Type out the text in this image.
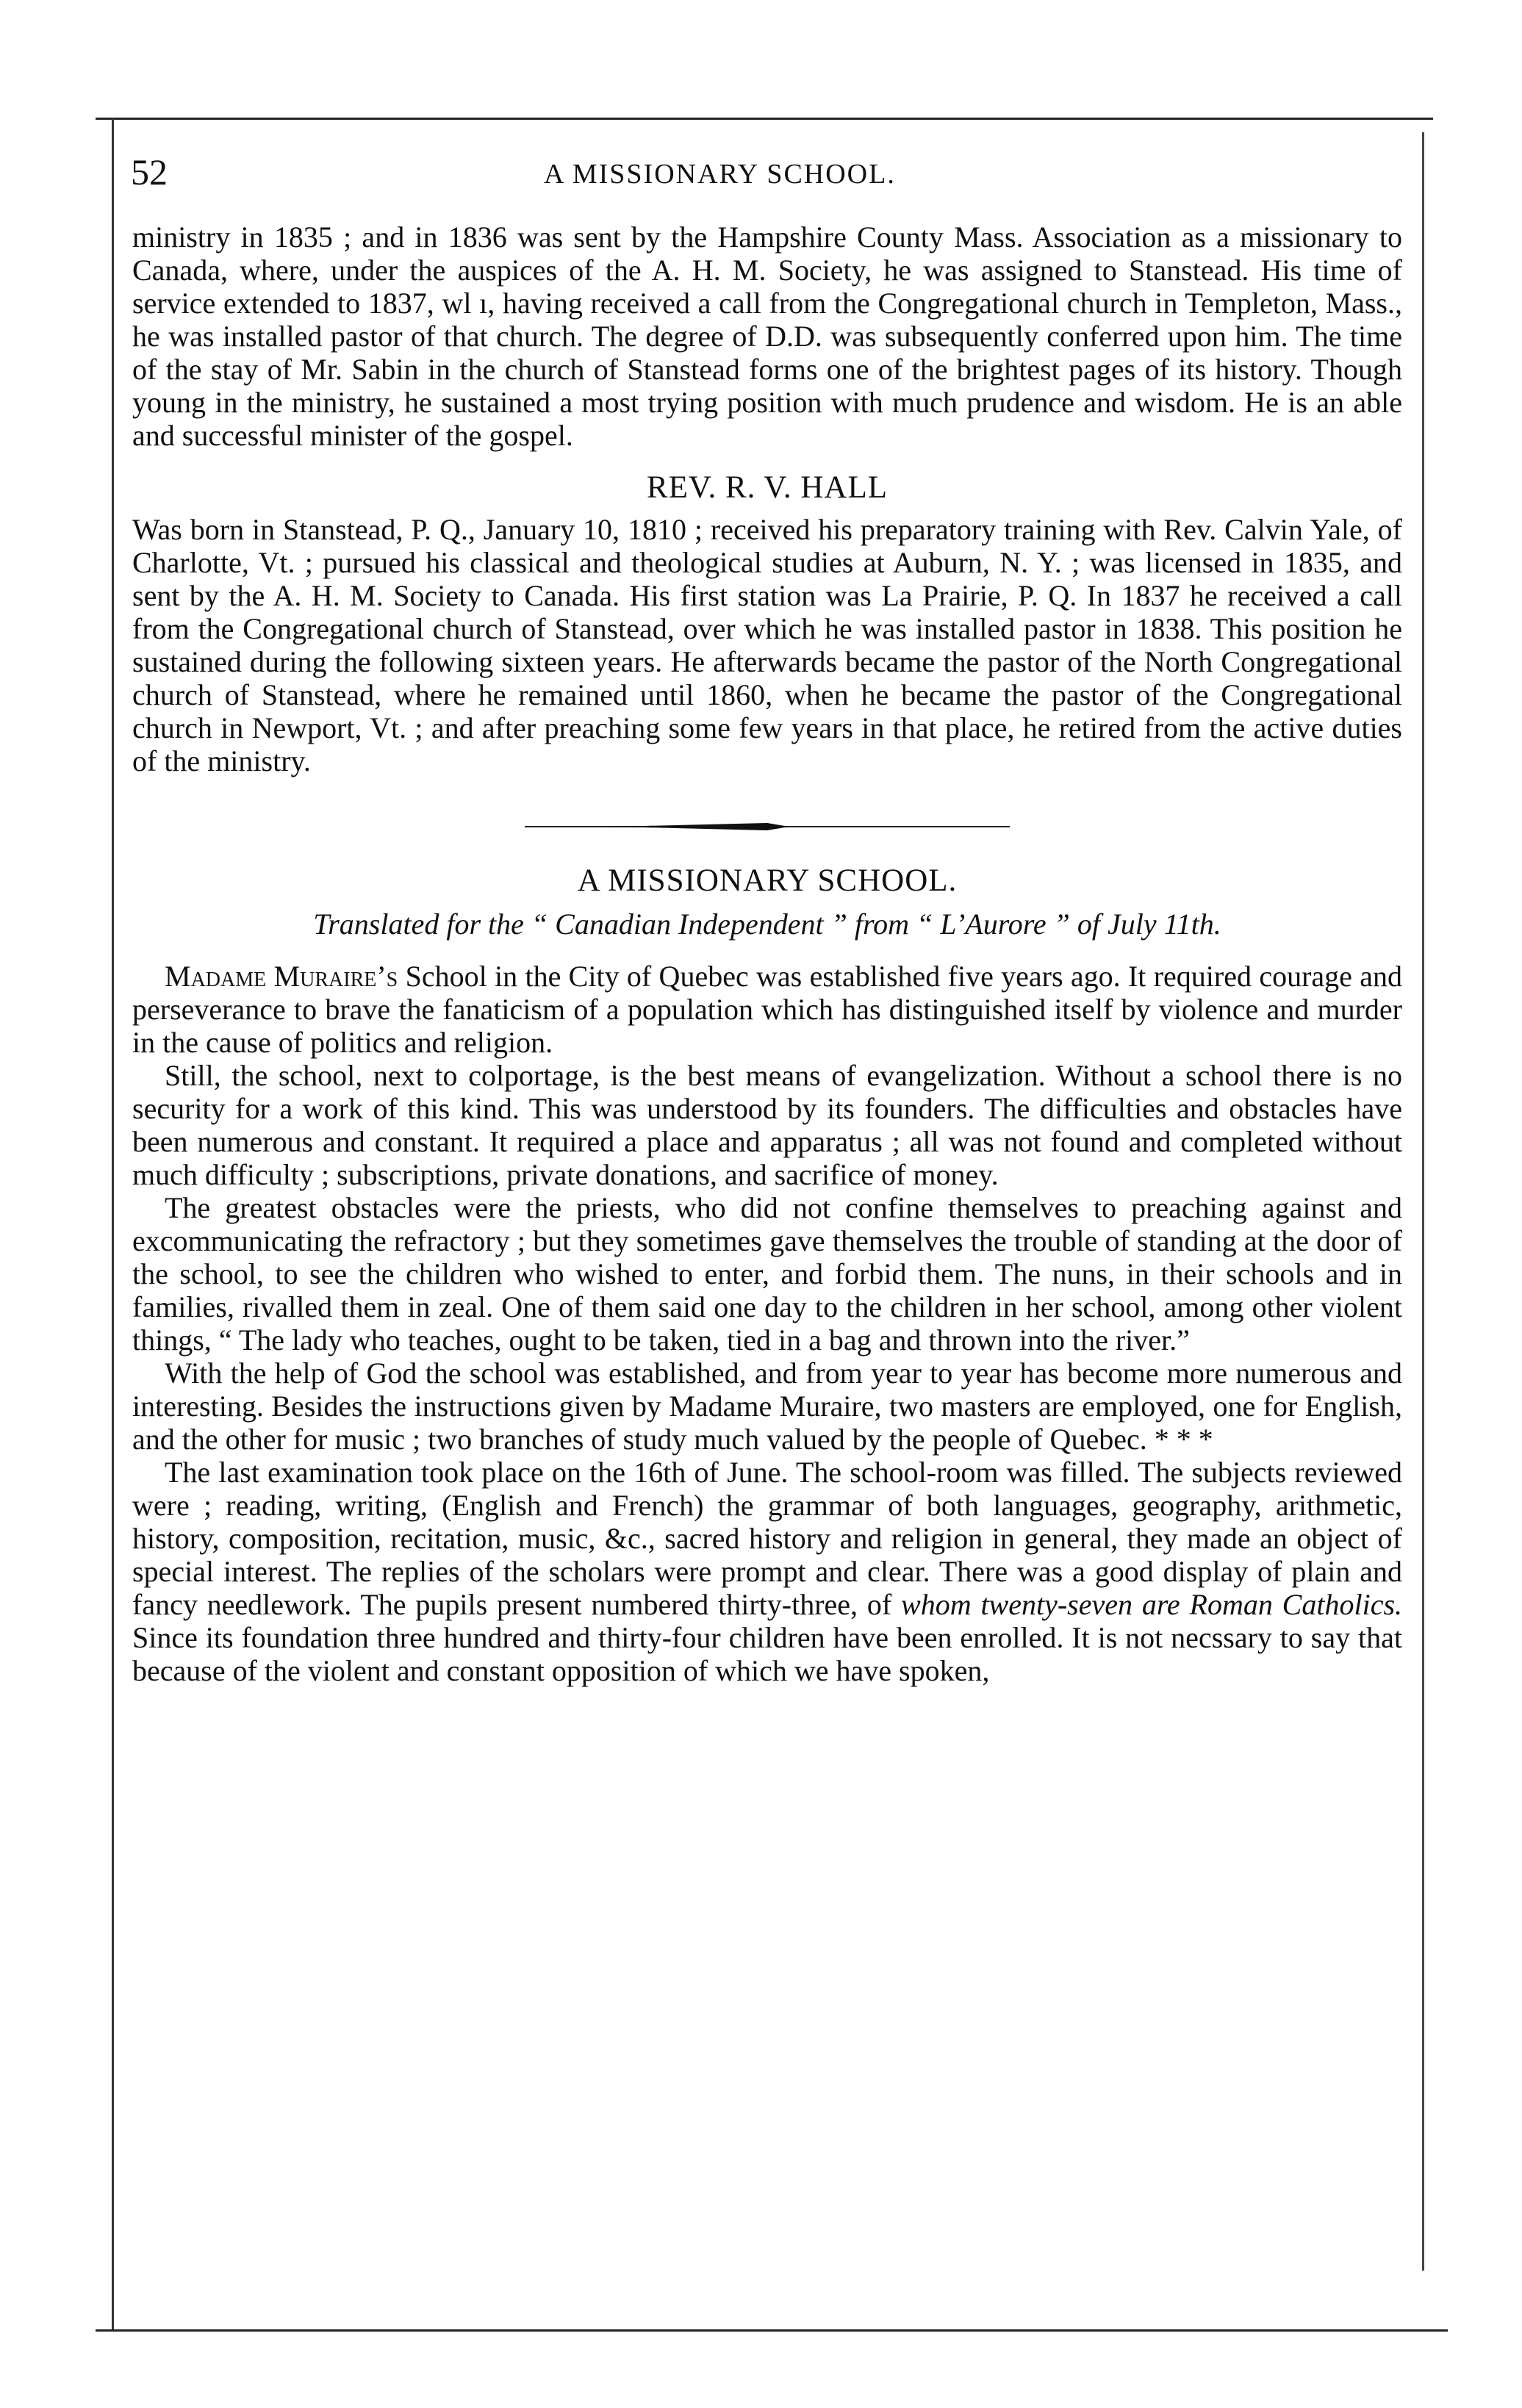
52	A MISSIONARY SCHOOL.

ministry in 1835 ; and in 1836 was sent by the Hampshire County Mass. Association as a missionary to Canada, where, under the auspices of the A. H. M. Society, he was assigned to Stanstead. His time of service extended to 1837, wl ı, having received a call from the Congregational church in Templeton, Mass., he was installed pastor of that church. The degree of D.D. was subsequently conferred upon him. The time of the stay of Mr. Sabin in the church of Stanstead forms one of the brightest pages of its history. Though young in the ministry, he sustained a most trying position with much prudence and wisdom. He is an able and successful minister of the gospel.

REV. R. V. HALL

Was born in Stanstead, P. Q., January 10, 1810 ; received his preparatory training with Rev. Calvin Yale, of Charlotte, Vt. ; pursued his classical and theological studies at Auburn, N. Y. ; was licensed in 1835, and sent by the A. H. M. Society to Canada. His first station was La Prairie, P. Q. In 1837 he received a call from the Congregational church of Stanstead, over which he was installed pastor in 1838. This position he sustained during the following sixteen years. He afterwards became the pastor of the North Congregational church of Stanstead, where he remained until 1860, when he became the pastor of the Congregational church in Newport, Vt. ; and after preaching some few years in that place, he retired from the active duties of the ministry.

A MISSIONARY SCHOOL.
Translated for the “ Canadian Independent ” from “ L’Aurore ” of July 11th.

Madame Muraire’s School in the City of Quebec was established five years ago. It required courage and perseverance to brave the fanaticism of a population which has distinguished itself by violence and murder in the cause of politics and religion.

Still, the school, next to colportage, is the best means of evangelization. Without a school there is no security for a work of this kind. This was understood by its founders. The difficulties and obstacles have been numerous and constant. It required a place and apparatus ; all was not found and completed without much difficulty ; subscriptions, private donations, and sacrifice of money.

The greatest obstacles were the priests, who did not confine themselves to preaching against and excommunicating the refractory ; but they sometimes gave themselves the trouble of standing at the door of the school, to see the children who wished to enter, and forbid them. The nuns, in their schools and in families, rivalled them in zeal. One of them said one day to the children in her school, among other violent things, “ The lady who teaches, ought to be taken, tied in a bag and thrown into the river.”

With the help of God the school was established, and from year to year has become more numerous and interesting. Besides the instructions given by Madame Muraire, two masters are employed, one for English, and the other for music ; two branches of study much valued by the people of Quebec. * * *

The last examination took place on the 16th of June. The school-room was filled. The subjects reviewed were ; reading, writing, (English and French) the grammar of both languages, geography, arithmetic, history, composition, recitation, music, &c., sacred history and religion in general, they made an object of special interest. The replies of the scholars were prompt and clear. There was a good display of plain and fancy needlework. The pupils present numbered thirty-three, of whom twenty-seven are Roman Catholics. Since its foundation three hundred and thirty-four children have been enrolled. It is not necssary to say that because of the violent and constant opposition of which we have spoken,
